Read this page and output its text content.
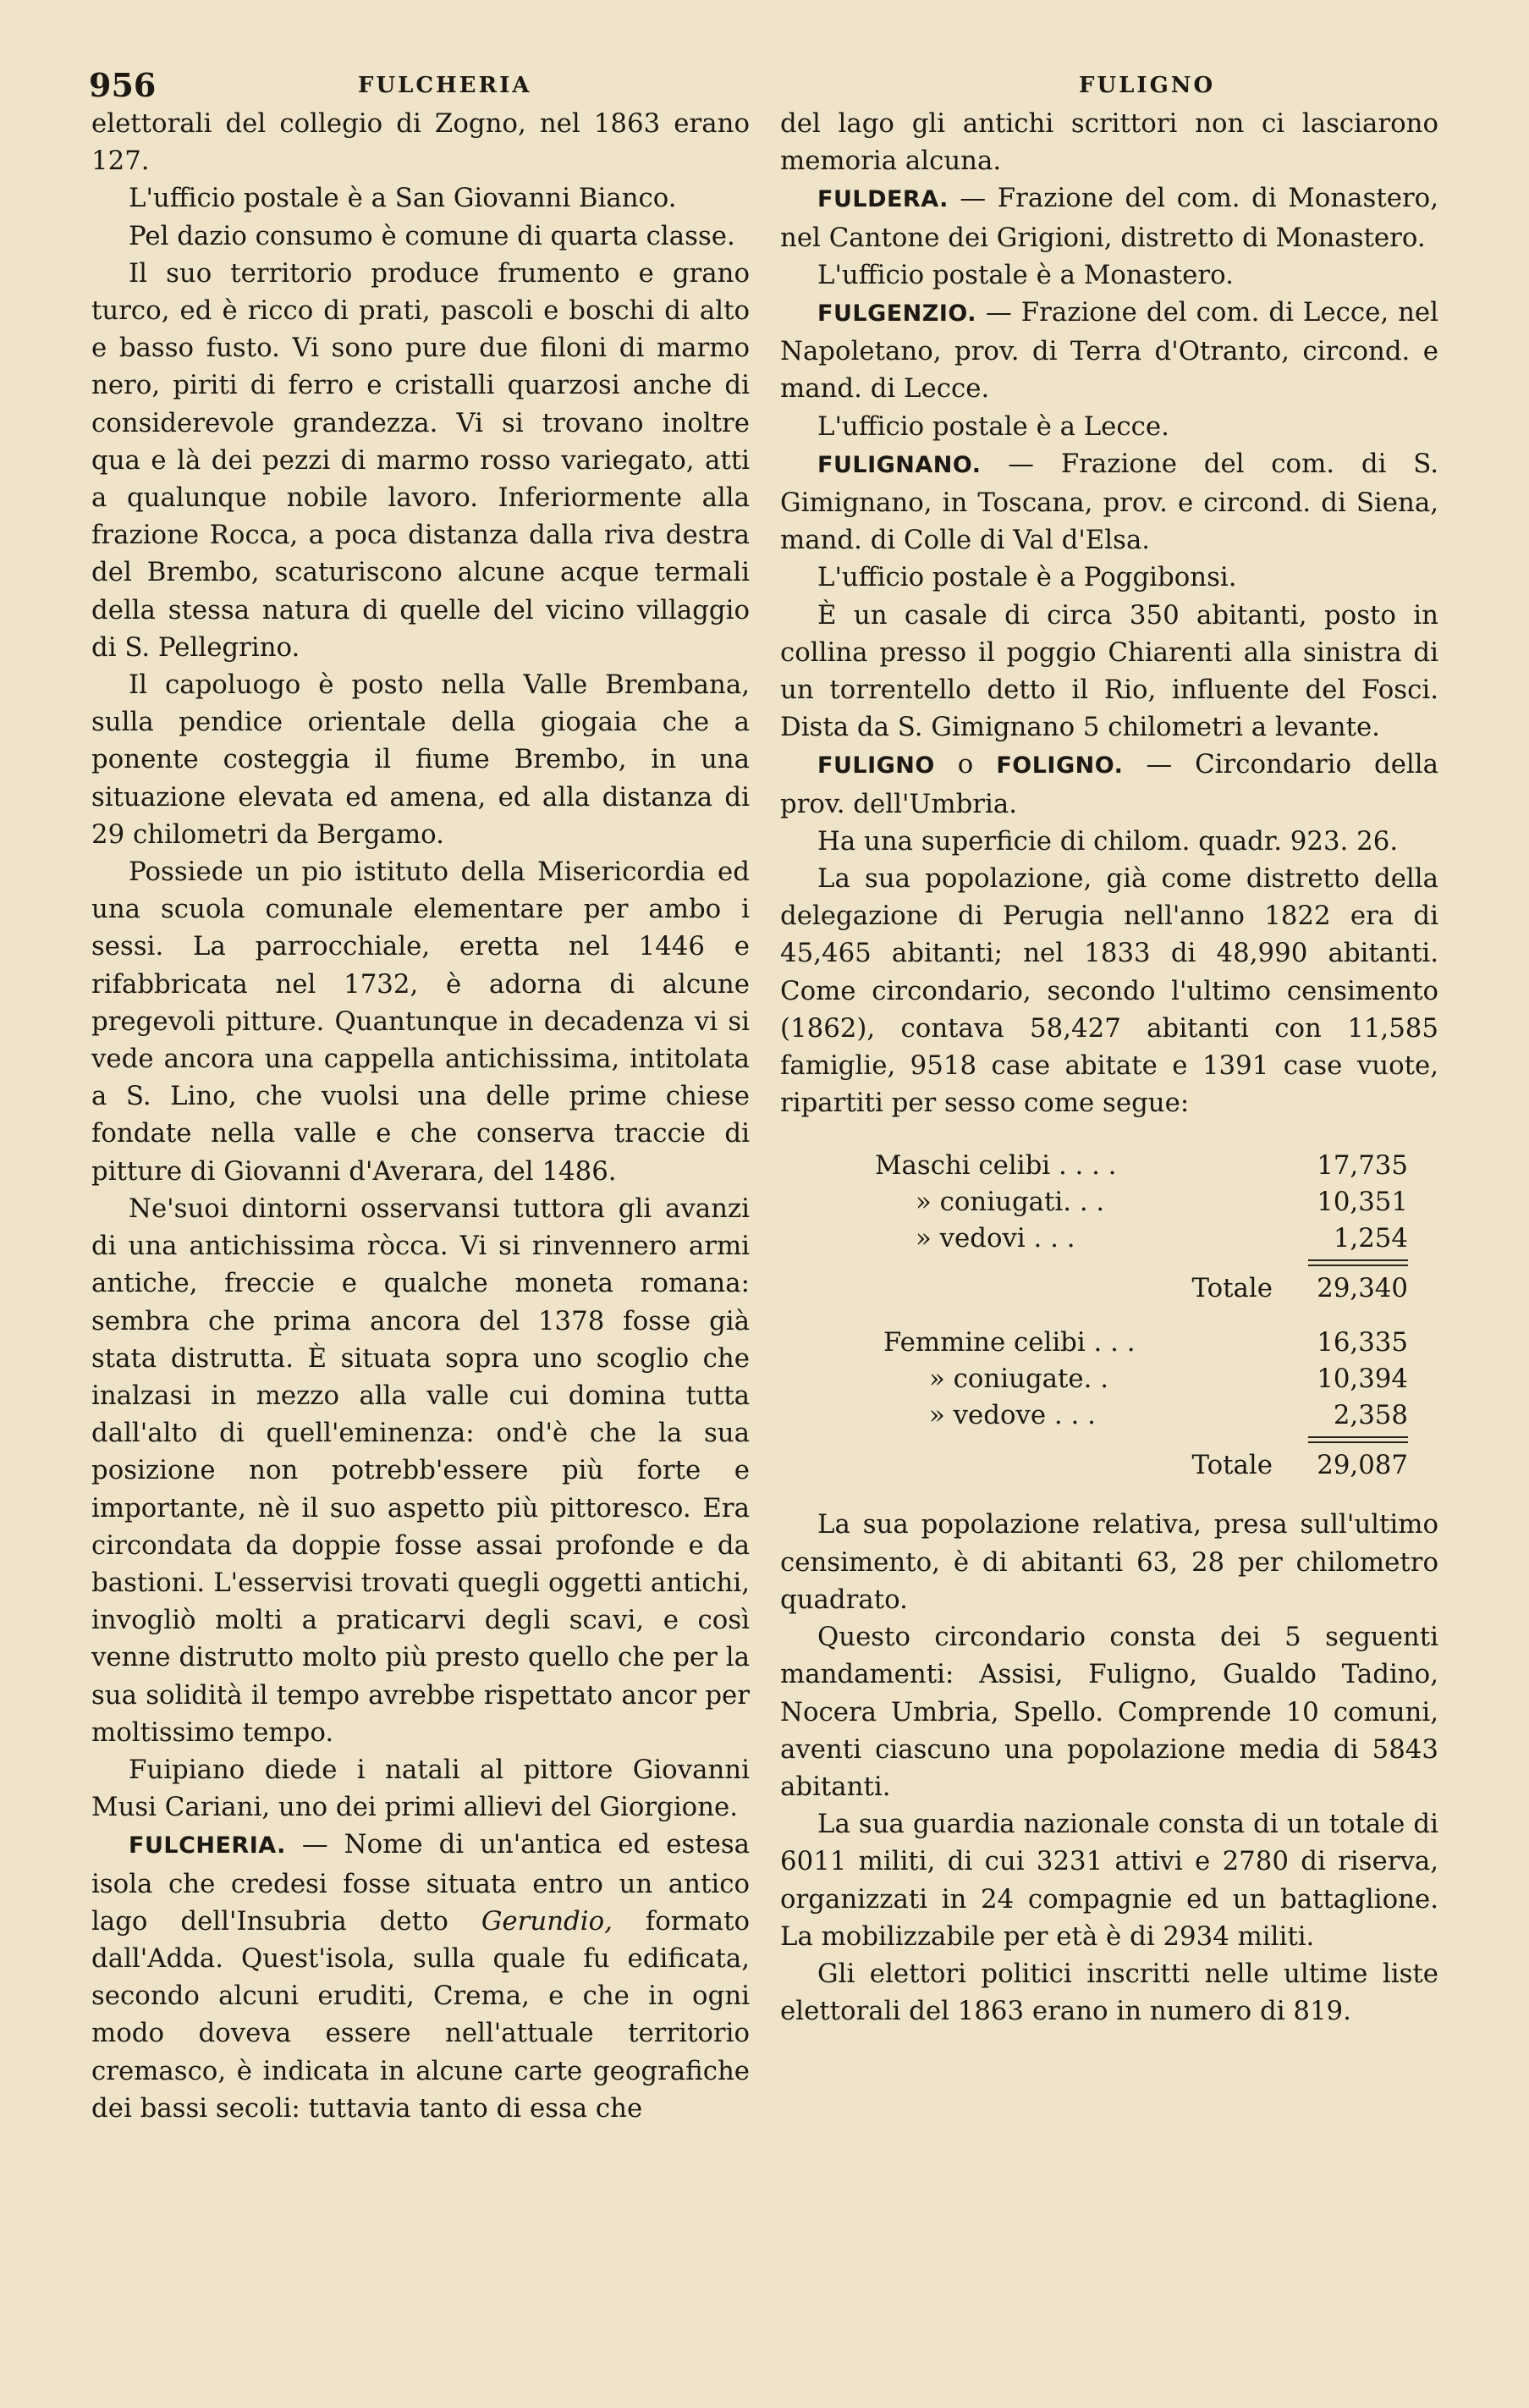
956	FULCHERIA	FULIGNO

elettorali del collegio di Zogno, nel 1863 erano 127.

L'ufficio postale è a San Giovanni Bianco.

Pel dazio consumo è comune di quarta classe.

Il suo territorio produce frumento e grano turco, ed è ricco di prati, pascoli e boschi di alto e basso fusto. Vi sono pure due filoni di marmo nero, piriti di ferro e cristalli quarzosi anche di considerevole grandezza. Vi si trovano inoltre qua e là dei pezzi di marmo rosso variegato, atti a qualunque nobile lavoro. Inferiormente alla frazione Rocca, a poca distanza dalla riva destra del Brembo, scaturiscono alcune acque termali della stessa natura di quelle del vicino villaggio di S. Pellegrino.

Il capoluogo è posto nella Valle Brembana, sulla pendice orientale della giogaia che a ponente costeggia il fiume Brembo, in una situazione elevata ed amena, ed alla distanza di 29 chilometri da Bergamo.

Possiede un pio istituto della Misericordia ed una scuola comunale elementare per ambo i sessi. La parrocchiale, eretta nel 1446 e rifabbricata nel 1732, è adorna di alcune pregevoli pitture. Quantunque in decadenza vi si vede ancora una cappella antichissima, intitolata a S. Lino, che vuolsi una delle prime chiese fondate nella valle e che conserva traccie di pitture di Giovanni d'Averara, del 1486.

Ne'suoi dintorni osservansi tuttora gli avanzi di una antichissima ròcca. Vi si rinvennero armi antiche, freccie e qualche moneta romana: sembra che prima ancora del 1378 fosse già stata distrutta. È situata sopra uno scoglio che inalzasi in mezzo alla valle cui domina tutta dall'alto di quell'eminenza: ond'è che la sua posizione non potrebb'essere più forte e importante, nè il suo aspetto più pittoresco. Era circondata da doppie fosse assai profonde e da bastioni. L'esservisi trovati quegli oggetti antichi, invogliò molti a praticarvi degli scavi, e così venne distrutto molto più presto quello che per la sua solidità il tempo avrebbe rispettato ancor per moltissimo tempo.

Fuipiano diede i natali al pittore Giovanni Musi Cariani, uno dei primi allievi del Giorgione.

FULCHERIA. — Nome di un'antica ed estesa isola che credesi fosse situata entro un antico lago dell'Insubria detto Gerundio, formato dall'Adda. Quest'isola, sulla quale fu edificata, secondo alcuni eruditi, Crema, e che in ogni modo doveva essere nell'attuale territorio cremasco, è indicata in alcune carte geografiche dei bassi secoli: tuttavia tanto di essa che

del lago gli antichi scrittori non ci lasciarono memoria alcuna.

FULDERA. — Frazione del com. di Monastero, nel Cantone dei Grigioni, distretto di Monastero.

L'ufficio postale è a Monastero.

FULGENZIO. — Frazione del com. di Lecce, nel Napoletano, prov. di Terra d'Otranto, circond. e mand. di Lecce.

L'ufficio postale è a Lecce.

FULIGNANO. — Frazione del com. di S. Gimignano, in Toscana, prov. e circond. di Siena, mand. di Colle di Val d'Elsa.

L'ufficio postale è a Poggibonsi.

È un casale di circa 350 abitanti, posto in collina presso il poggio Chiarenti alla sinistra di un torrentello detto il Rio, influente del Fosci. Dista da S. Gimignano 5 chilometri a levante.

FULIGNO o FOLIGNO. — Circondario della prov. dell'Umbria.

Ha una superficie di chilom. quadr. 923. 26.

La sua popolazione, già come distretto della delegazione di Perugia nell'anno 1822 era di 45,465 abitanti; nel 1833 di 48,990 abitanti. Come circondario, secondo l'ultimo censimento (1862), contava 58,427 abitanti con 11,585 famiglie, 9518 case abitate e 1391 case vuote, ripartiti per sesso come segue:

Maschi celibi . . . .	17,735
» coniugati. . .	10,351
» vedovi . . .	1,254
Totale 29,340
Femmine celibi . . .	16,335
» coniugate. .	10,394
» vedove . . .	2,358
Totale 29,087

La sua popolazione relativa, presa sull'ultimo censimento, è di abitanti 63, 28 per chilometro quadrato.

Questo circondario consta dei 5 seguenti mandamenti: Assisi, Fuligno, Gualdo Tadino, Nocera Umbria, Spello. Comprende 10 comuni, aventi ciascuno una popolazione media di 5843 abitanti.

La sua guardia nazionale consta di un totale di 6011 militi, di cui 3231 attivi e 2780 di riserva, organizzati in 24 compagnie ed un battaglione. La mobilizzabile per età è di 2934 militi.

Gli elettori politici inscritti nelle ultime liste elettorali del 1863 erano in numero di 819.
